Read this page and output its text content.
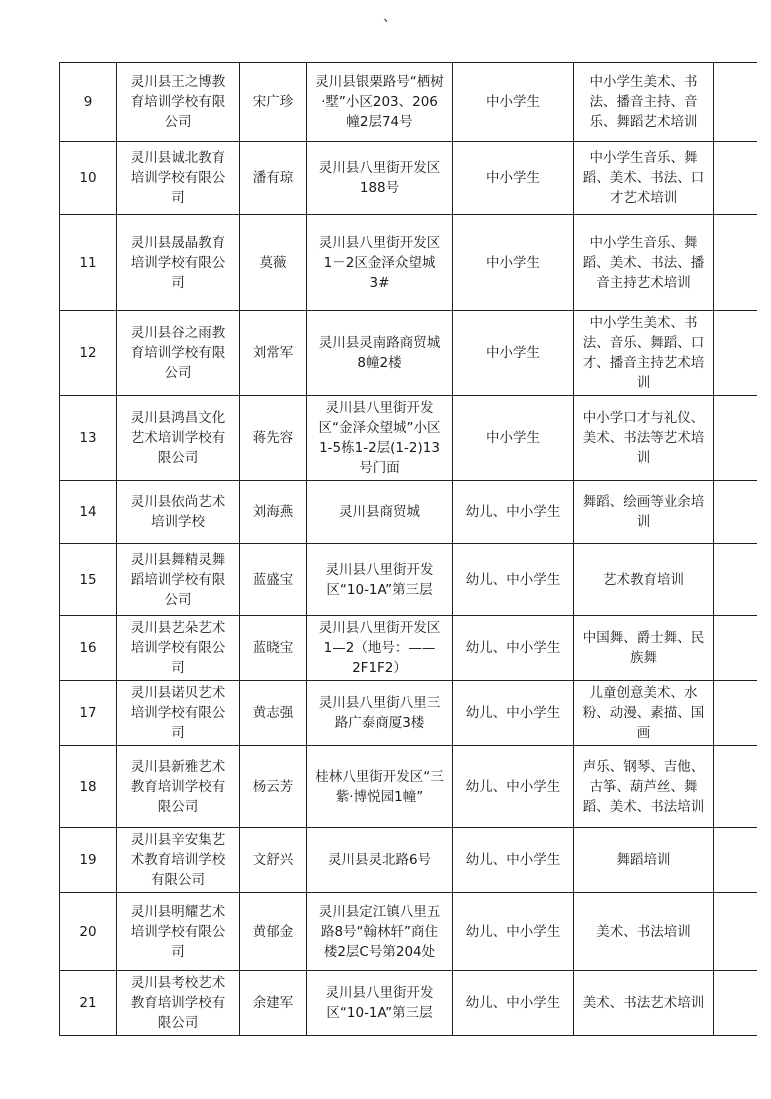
、
9	灵川县王之博教育培训学校有限公司	宋广珍	灵川县银栗路号“栖树·墅”小区203、206幢2层74号	中小学生	中小学生美术、书法、播音主持、音乐、舞蹈艺术培训	
10	灵川县诚北教育培训学校有限公司	潘有琼	灵川县八里街开发区188号	中小学生	中小学生音乐、舞蹈、美术、书法、口才艺术培训	
11	灵川县晟晶教育培训学校有限公司	莫薇	灵川县八里街开发区1－2区金泽众望城3#	中小学生	中小学生音乐、舞蹈、美术、书法、播音主持艺术培训	
12	灵川县谷之雨教育培训学校有限公司	刘常军	灵川县灵南路商贸城8幢2楼	中小学生	中小学生美术、书法、音乐、舞蹈、口才、播音主持艺术培训	
13	灵川县鸿昌文化艺术培训学校有限公司	蒋先容	灵川县八里街开发区“金泽众望城”小区1-5栋1-2层(1-2)13号门面	中小学生	中小学口才与礼仪、美术、书法等艺术培训	
14	灵川县依尚艺术培训学校	刘海燕	灵川县商贸城	幼儿、中小学生	舞蹈、绘画等业余培训	
15	灵川县舞精灵舞蹈培训学校有限公司	蓝盛宝	灵川县八里街开发区“10-1A”第三层	幼儿、中小学生	艺术教育培训	
16	灵川县艺朵艺术培训学校有限公司	蓝晓宝	灵川县八里街开发区1—2（地号：——2F1F2）	幼儿、中小学生	中国舞、爵士舞、民族舞	
17	灵川县诺贝艺术培训学校有限公司	黄志强	灵川县八里街八里三路广泰商厦3楼	幼儿、中小学生	儿童创意美术、水粉、动漫、素描、国画	
18	灵川县新雅艺术教育培训学校有限公司	杨云芳	桂林八里街开发区“三紫·博悦园1幢”	幼儿、中小学生	声乐、钢琴、吉他、古筝、葫芦丝、舞蹈、美术、书法培训	
19	灵川县辛安集艺术教育培训学校有限公司	文舒兴	灵川县灵北路6号	幼儿、中小学生	舞蹈培训	
20	灵川县明耀艺术培训学校有限公司	黄郁金	灵川县定江镇八里五路8号“翰林轩”商住楼2层C号第204处	幼儿、中小学生	美术、书法培训	
21	灵川县考校艺术教育培训学校有限公司	余建军	灵川县八里街开发区“10-1A”第三层	幼儿、中小学生	美术、书法艺术培训	
